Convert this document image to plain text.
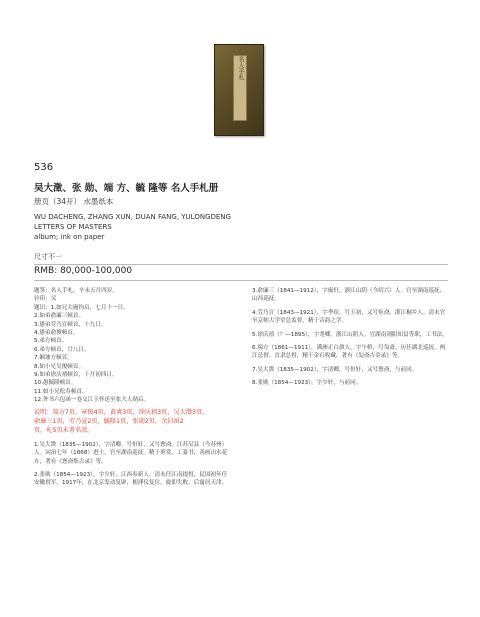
名人手札
536
吴大澂、张 勋、端 方、毓 隆等 名人手札册
册页（34开） 水墨纸本
WU DACHENG, ZHANG XUN, DUAN FANG, YULONGDENG
LETTERS OF MASTERS
album; ink on paper
尺寸不一
RMB: 80,000-100,000

题签：名人手札，辛未五月四岁。

钤印：吴

题识：1.如兄大庵钧启，七月十一日。

2.如弟俞廉三顿首。

3.愚弟劳乃宣顿首，十九日。

4.愚弟俞俊顿首。

5.弟方顿首。

6.弟方顿首，廿八日。

7.姻兼方顿首。

8.如小兄吴俊顿首。

9.如弟徐庆禧顿首，十月初四日。

10.愚毓隆顿首。

11.如小兄松寿顿首。

12.外书六包函一卷交江玉怀送至张大人勋启。

说明：端方7页，章俊4页，黄爽3页，徐庆禧3页，吴大澂3页，

俞廉三1页，劳乃宣2页，毓隆1页，张勋2页，余封函2

页，札5页未署名款。

1.吴大澂（1835—1902），字清卿，号恒轩，又号愙斋，江苏吴县（今苏州）人。同治七年（1868）进士，官至湖南巡抚。精于鉴赏，工篆书，善画山水花卉，著有《愙斋集古录》等。

2.张勋（1854—1923），字少轩，江西奉新人。清末任江南提督，民国初年任安徽督军。1917年，在北京发动复辟，拥溥仪复位，旋即失败，后寓居天津。

3.俞廉三（1841—1912），字廙轩，浙江山阴（今绍兴）人。官至湖南巡抚、山西巡抚。

4.劳乃宣（1843—1921），字季瑄，号玉初，又号矩斋，浙江桐乡人。清末官至京师大学堂总监督，精于音韵之学。

5.徐庆禧（？—1895），字尧卿，浙江山阴人。官湖南浏阳知县等职，工书法。

6.端方（1861—1911），满洲正白旗人，字午桥，号匋斋。历任湖北巡抚、两江总督、直隶总督，精于金石收藏，著有《匋斋吉金录》等。

7.吴大澂（1835—1902），字清卿，号恒轩，又号愙斋，与前同。

8.张勋（1854—1923），字少轩，与前同。
